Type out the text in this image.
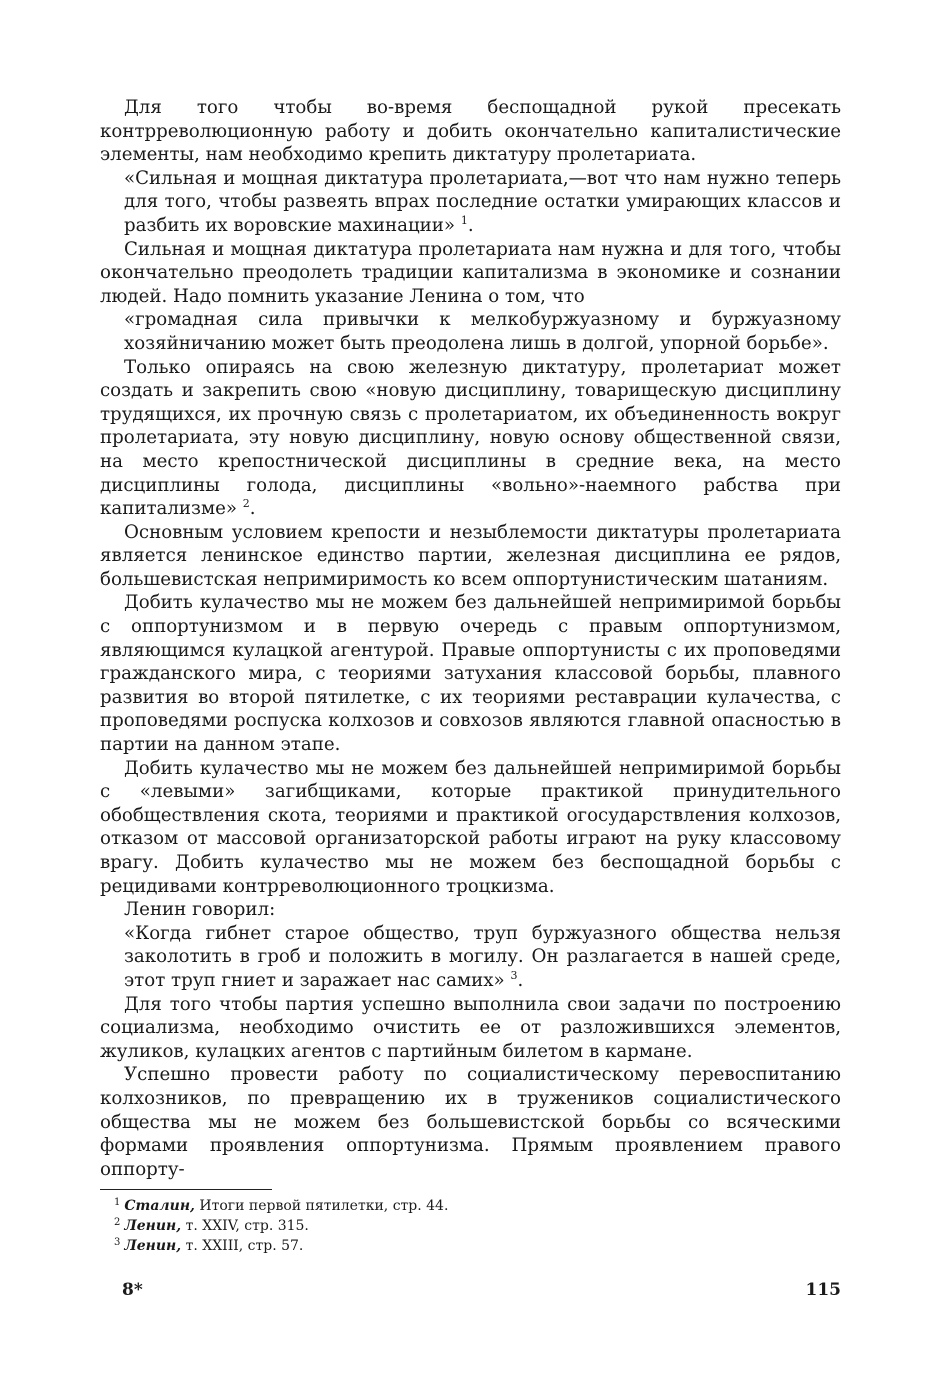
Для того чтобы во-время беспощадной рукой пресекать контрреволюционную работу и добить окончательно капиталистические элементы, нам необходимо крепить диктатуру пролетариата.

«Сильная и мощная диктатура пролетариата,—вот что нам нужно теперь для того, чтобы развеять впрах последние остатки умирающих классов и разбить их воровские махинации» $^1$.

Сильная и мощная диктатура пролетариата нам нужна и для того, чтобы окончательно преодолеть традиции капитализма в экономике и сознании людей. Надо помнить указание Ленина о том, что

«громадная сила привычки к мелкобуржуазному и буржуазному хозяйничанию может быть преодолена лишь в долгой, упорной борьбе».

Только опираясь на свою железную диктатуру, пролетариат может создать и закрепить свою «новую дисциплину, товарищескую дисциплину трудящихся, их прочную связь с пролетариатом, их объединенность вокруг пролетариата, эту новую дисциплину, новую основу общественной связи, на место крепостнической дисциплины в средние века, на место дисциплины голода, дисциплины «вольно»-наемного рабства при капитализме» $^2$.

Основным условием крепости и незыблемости диктатуры пролетариата является ленинское единство партии, железная дисциплина ее рядов, большевистская непримиримость ко всем оппортунистическим шатаниям.

Добить кулачество мы не можем без дальнейшей непримиримой борьбы с оппортунизмом и в первую очередь с правым оппортунизмом, являющимся кулацкой агентурой. Правые оппортунисты с их проповедями гражданского мира, с теориями затухания классовой борьбы, плавного развития во второй пятилетке, с их теориями реставрации кулачества, с проповедями роспуска колхозов и совхозов являются главной опасностью в партии на данном этапе.

Добить кулачество мы не можем без дальнейшей непримиримой борьбы с «левыми» загибщиками, которые практикой принудительного обобществления скота, теориями и практикой огосударствления колхозов, отказом от массовой организаторской работы играют на руку классовому врагу. Добить кулачество мы не можем без беспощадной борьбы с рецидивами контрреволюционного троцкизма.

Ленин говорил:

«Когда гибнет старое общество, труп буржуазного общества нельзя заколотить в гроб и положить в могилу. Он разлагается в нашей среде, этот труп гниет и заражает нас самих» $^3$.

Для того чтобы партия успешно выполнила свои задачи по построению социализма, необходимо очистить ее от разложившихся элементов, жуликов, кулацких агентов с партийным билетом в кармане.

Успешно провести работу по социалистическому перевоспитанию колхозников, по превращению их в тружеников социалистического общества мы не можем без большевистской борьбы со всяческими формами проявления оппортунизма. Прямым проявлением правого оппорту-

$^1$ Сталин, Итоги первой пятилетки, стр. 44.

$^2$ Ленин, т. XXIV, стр. 315.

$^3$ Ленин, т. XXIII, стр. 57.

8*	115
